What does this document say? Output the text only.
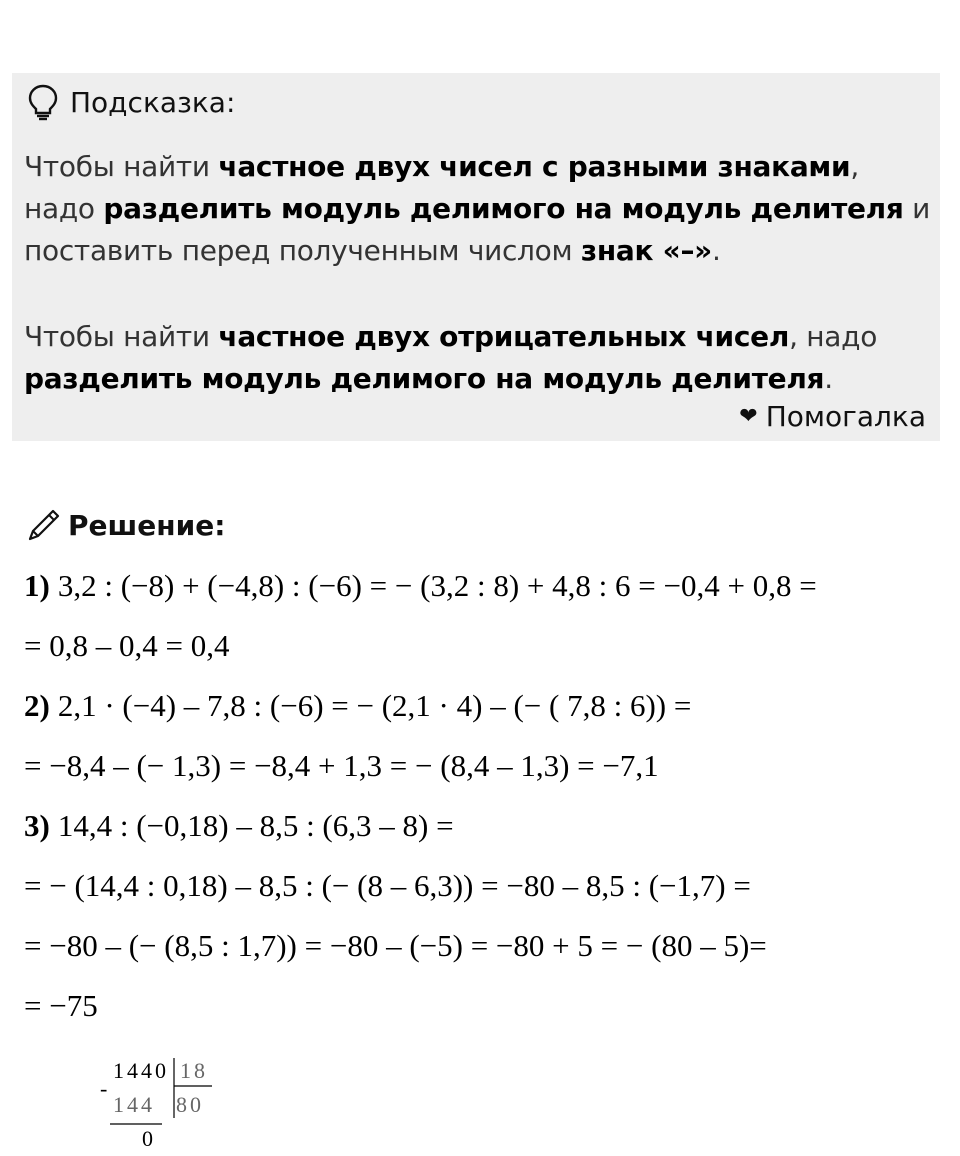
Подсказка:
Чтобы найти частное двух чисел с разными знаками, надо разделить модуль делимого на модуль делителя и поставить перед полученным числом знак «–».
Чтобы найти частное двух отрицательных чисел, надо разделить модуль делимого на модуль делителя.
❤ Помогалка
Решение:
1) 3,2 : (−8) + (−4,8) : (−6) = − (3,2 : 8) + 4,8 : 6 = −0,4 + 0,8 =
= 0,8 – 0,4 = 0,4
2) 2,1 · (−4) – 7,8 : (−6) = − (2,1 · 4) – (− ( 7,8 : 6)) =
= −8,4 – (− 1,3) = −8,4 + 1,3 = − (8,4 – 1,3) = −7,1
3) 14,4 : (−0,18) – 8,5 : (6,3 – 8) =
= − (14,4 : 0,18) – 8,5 : (− (8 – 6,3)) = −80 – 8,5 : (−1,7) =
= −80 – (− (8,5 : 1,7)) = −80 – (−5) = −80 + 5 = − (80 – 5)=
= −75
1440 18
-
144 80
0
